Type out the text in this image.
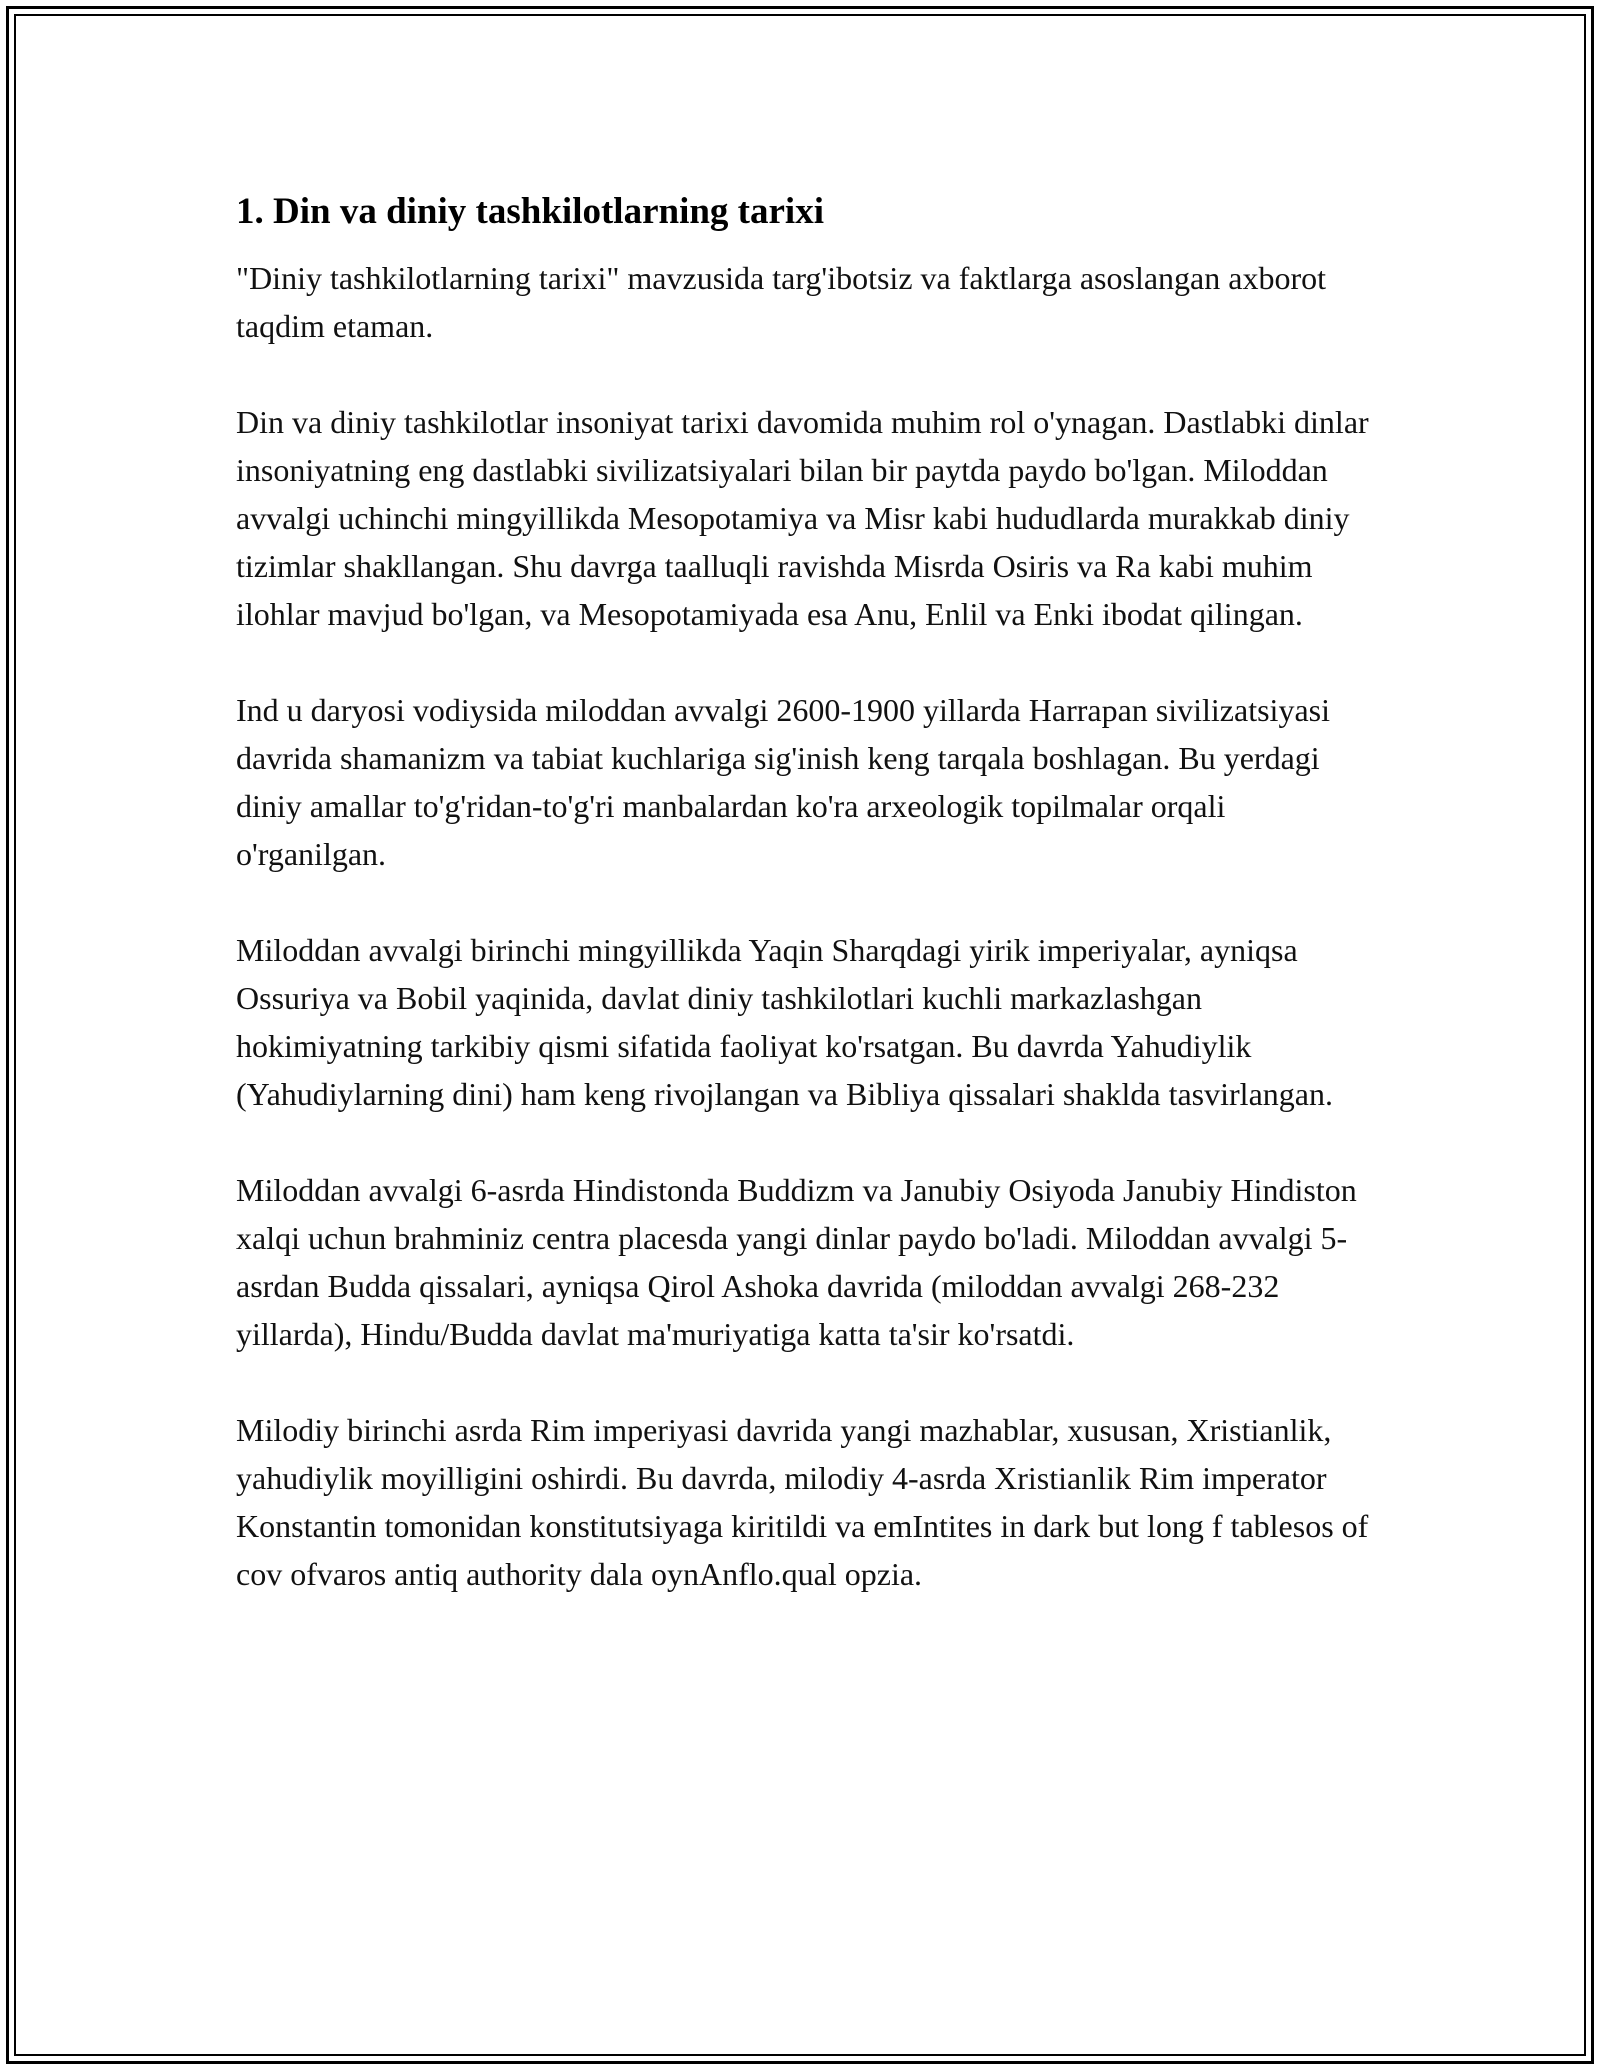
1. Din va diniy tashkilotlarning tarixi

"Diniy tashkilotlarning tarixi" mavzusida targ'ibotsiz va faktlarga asoslangan axborot taqdim etaman.

Din va diniy tashkilotlar insoniyat tarixi davomida muhim rol o'ynagan. Dastlabki dinlar insoniyatning eng dastlabki sivilizatsiyalari bilan bir paytda paydo bo'lgan. Miloddan avvalgi uchinchi mingyillikda Mesopotamiya va Misr kabi hududlarda murakkab diniy tizimlar shakllangan. Shu davrga taalluqli ravishda Misrda Osiris va Ra kabi muhim ilohlar mavjud bo'lgan, va Mesopotamiyada esa Anu, Enlil va Enki ibodat qilingan.

Ind u daryosi vodiysida miloddan avvalgi 2600-1900 yillarda Harrapan sivilizatsiyasi davrida shamanizm va tabiat kuchlariga sig'inish keng tarqala boshlagan. Bu yerdagi diniy amallar to'g'ridan-to'g'ri manbalardan ko'ra arxeologik topilmalar orqali o'rganilgan.

Miloddan avvalgi birinchi mingyillikda Yaqin Sharqdagi yirik imperiyalar, ayniqsa Ossuriya va Bobil yaqinida, davlat diniy tashkilotlari kuchli markazlashgan hokimiyatning tarkibiy qismi sifatida faoliyat ko'rsatgan. Bu davrda Yahudiylik (Yahudiylarning dini) ham keng rivojlangan va Bibliya qissalari shaklda tasvirlangan.

Miloddan avvalgi 6-asrda Hindistonda Buddizm va Janubiy Osiyoda Janubiy Hindiston xalqi uchun brahminiz centra placesda yangi dinlar paydo bo'ladi. Miloddan avvalgi 5-asrdan Budda qissalari, ayniqsa Qirol Ashoka davrida (miloddan avvalgi 268-232 yillarda), Hindu/Budda davlat ma'muriyatiga katta ta'sir ko'rsatdi.

Milodiy birinchi asrda Rim imperiyasi davrida yangi mazhablar, xususan, Xristianlik, yahudiylik moyilligini oshirdi. Bu davrda, milodiy 4-asrda Xristianlik Rim imperator Konstantin tomonidan konstitutsiyaga kiritildi va emIntites in dark but long f tablesos of cov ofvaros antiq authority dala oynAnflo.qual opzia.
